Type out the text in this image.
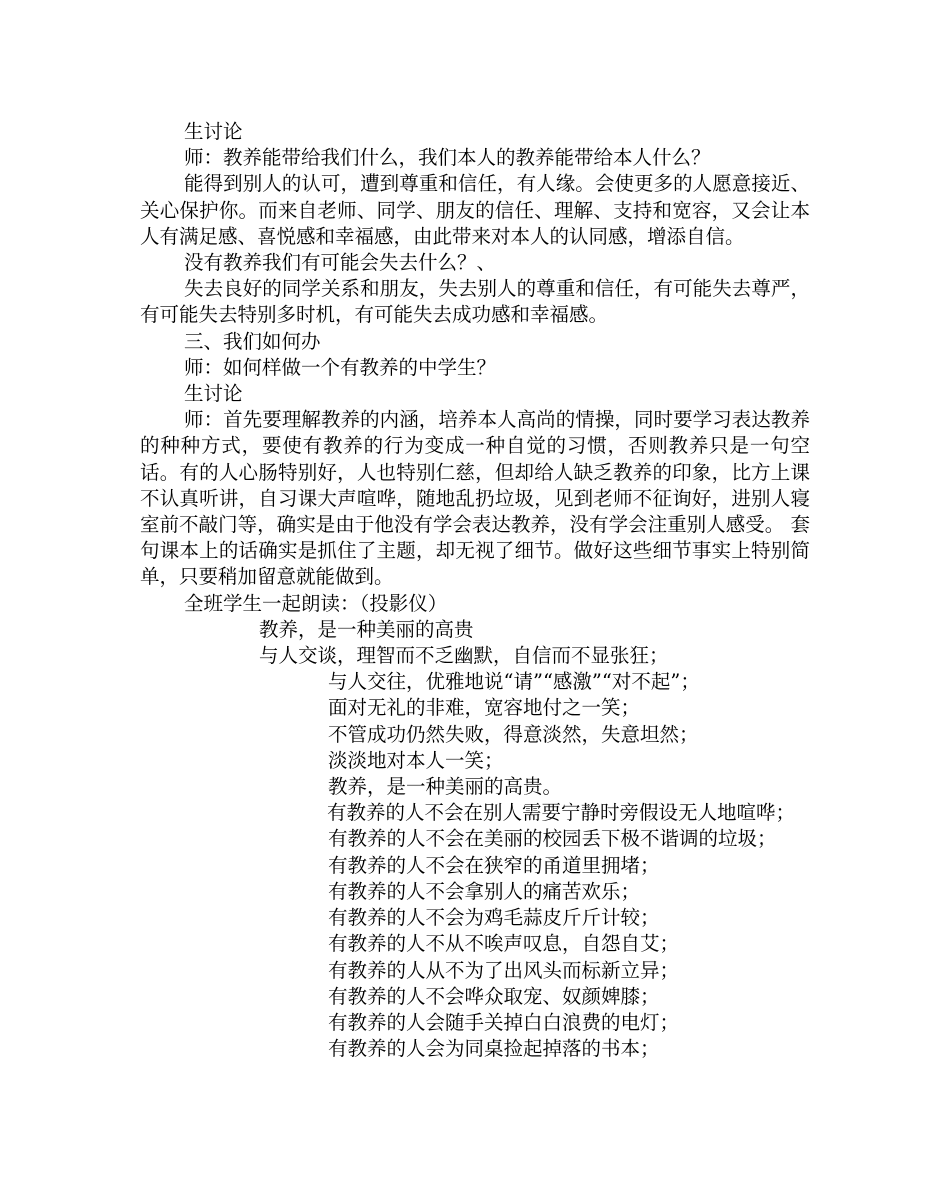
生讨论

师：教养能带给我们什么，我们本人的教养能带给本人什么？

能得到别人的认可，遭到尊重和信任，有人缘。会使更多的人愿意接近、关心保护你。而来自老师、同学、朋友的信任、理解、支持和宽容，又会让本人有满足感、喜悦感和幸福感，由此带来对本人的认同感，增添自信。

没有教养我们有可能会失去什么？、

失去良好的同学关系和朋友，失去别人的尊重和信任，有可能失去尊严，有可能失去特别多时机，有可能失去成功感和幸福感。

三、我们如何办

师：如何样做一个有教养的中学生？

生讨论

师：首先要理解教养的内涵，培养本人高尚的情操，同时要学习表达教养的种种方式，要使有教养的行为变成一种自觉的习惯，否则教养只是一句空话。有的人心肠特别好，人也特别仁慈，但却给人缺乏教养的印象，比方上课不认真听讲，自习课大声喧哗，随地乱扔垃圾，见到老师不征询好，进别人寝室前不敲门等，确实是由于他没有学会表达教养，没有学会注重别人感受。 套句课本上的话确实是抓住了主题，却无视了细节。做好这些细节事实上特别简单，只要稍加留意就能做到。

全班学生一起朗读：（投影仪）

教养，是一种美丽的高贵

与人交谈，理智而不乏幽默，自信而不显张狂；

与人交往，优雅地说“请”“感激”“对不起”；

面对无礼的非难，宽容地付之一笑；

不管成功仍然失败，得意淡然，失意坦然；

淡淡地对本人一笑；

教养，是一种美丽的高贵。

有教养的人不会在别人需要宁静时旁假设无人地喧哗；

有教养的人不会在美丽的校园丢下极不谐调的垃圾；

有教养的人不会在狭窄的甬道里拥堵；

有教养的人不会拿别人的痛苦欢乐；

有教养的人不会为鸡毛蒜皮斤斤计较；

有教养的人不从不唉声叹息，自怨自艾；

有教养的人从不为了出风头而标新立异；

有教养的人不会哗众取宠、奴颜婢膝；

有教养的人会随手关掉白白浪费的电灯；

有教养的人会为同桌捡起掉落的书本；
